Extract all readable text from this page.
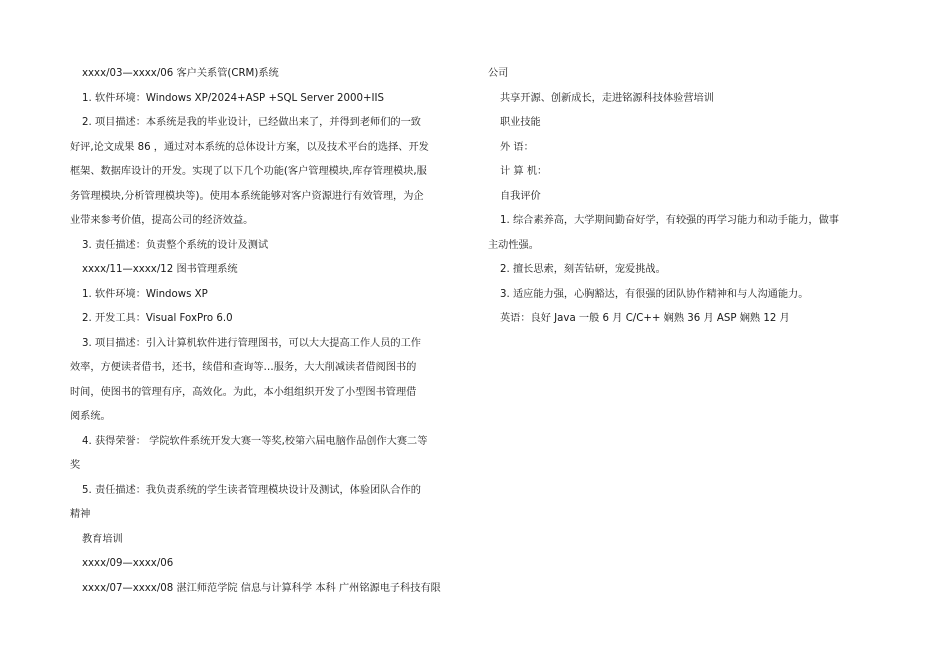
xxxx/03—xxxx/06 客户关系管(CRM)系统
1. 软件环境：Windows XP/2024+ASP +SQL Server 2000+IIS
2. 项目描述：本系统是我的毕业设计，已经做出来了，并得到老师们的一致
好评,论文成果 86 ，通过对本系统的总体设计方案，以及技术平台的选择、开发
框架、数据库设计的开发。实现了以下几个功能(客户管理模块,库存管理模块,服
务管理模块,分析管理模块等)。使用本系统能够对客户资源进行有效管理，为企
业带来参考价值，提高公司的经济效益。
3. 责任描述：负责整个系统的设计及测试
xxxx/11—xxxx/12 图书管理系统
1. 软件环境：Windows XP
2. 开发工具：Visual FoxPro 6.0
3. 项目描述：引入计算机软件进行管理图书，可以大大提高工作人员的工作
效率，方便读者借书，还书，续借和查询等…服务，大大削减读者借阅图书的
时间，使图书的管理有序，高效化。为此，本小组组织开发了小型图书管理借
阅系统。
4. 获得荣誉： 学院软件系统开发大赛一等奖,校第六届电脑作品创作大赛二等
奖
5. 责任描述：我负责系统的学生读者管理模块设计及测试，体验团队合作的
精神
教育培训
xxxx/09—xxxx/06
xxxx/07—xxxx/08 湛江师范学院 信息与计算科学 本科 广州铭源电子科技有限
公司
共享开源、创新成长，走进铭源科技体验营培训
职业技能
外 语：
计 算 机：
自我评价
1. 综合素养高，大学期间勤奋好学，有较强的再学习能力和动手能力，做事
主动性强。
2. 擅长思索，刻苦钻研，宠爱挑战。
3. 适应能力强，心胸豁达，有很强的团队协作精神和与人沟通能力。
英语：良好 Java 一般 6 月 C/C++ 娴熟 36 月 ASP 娴熟 12 月
